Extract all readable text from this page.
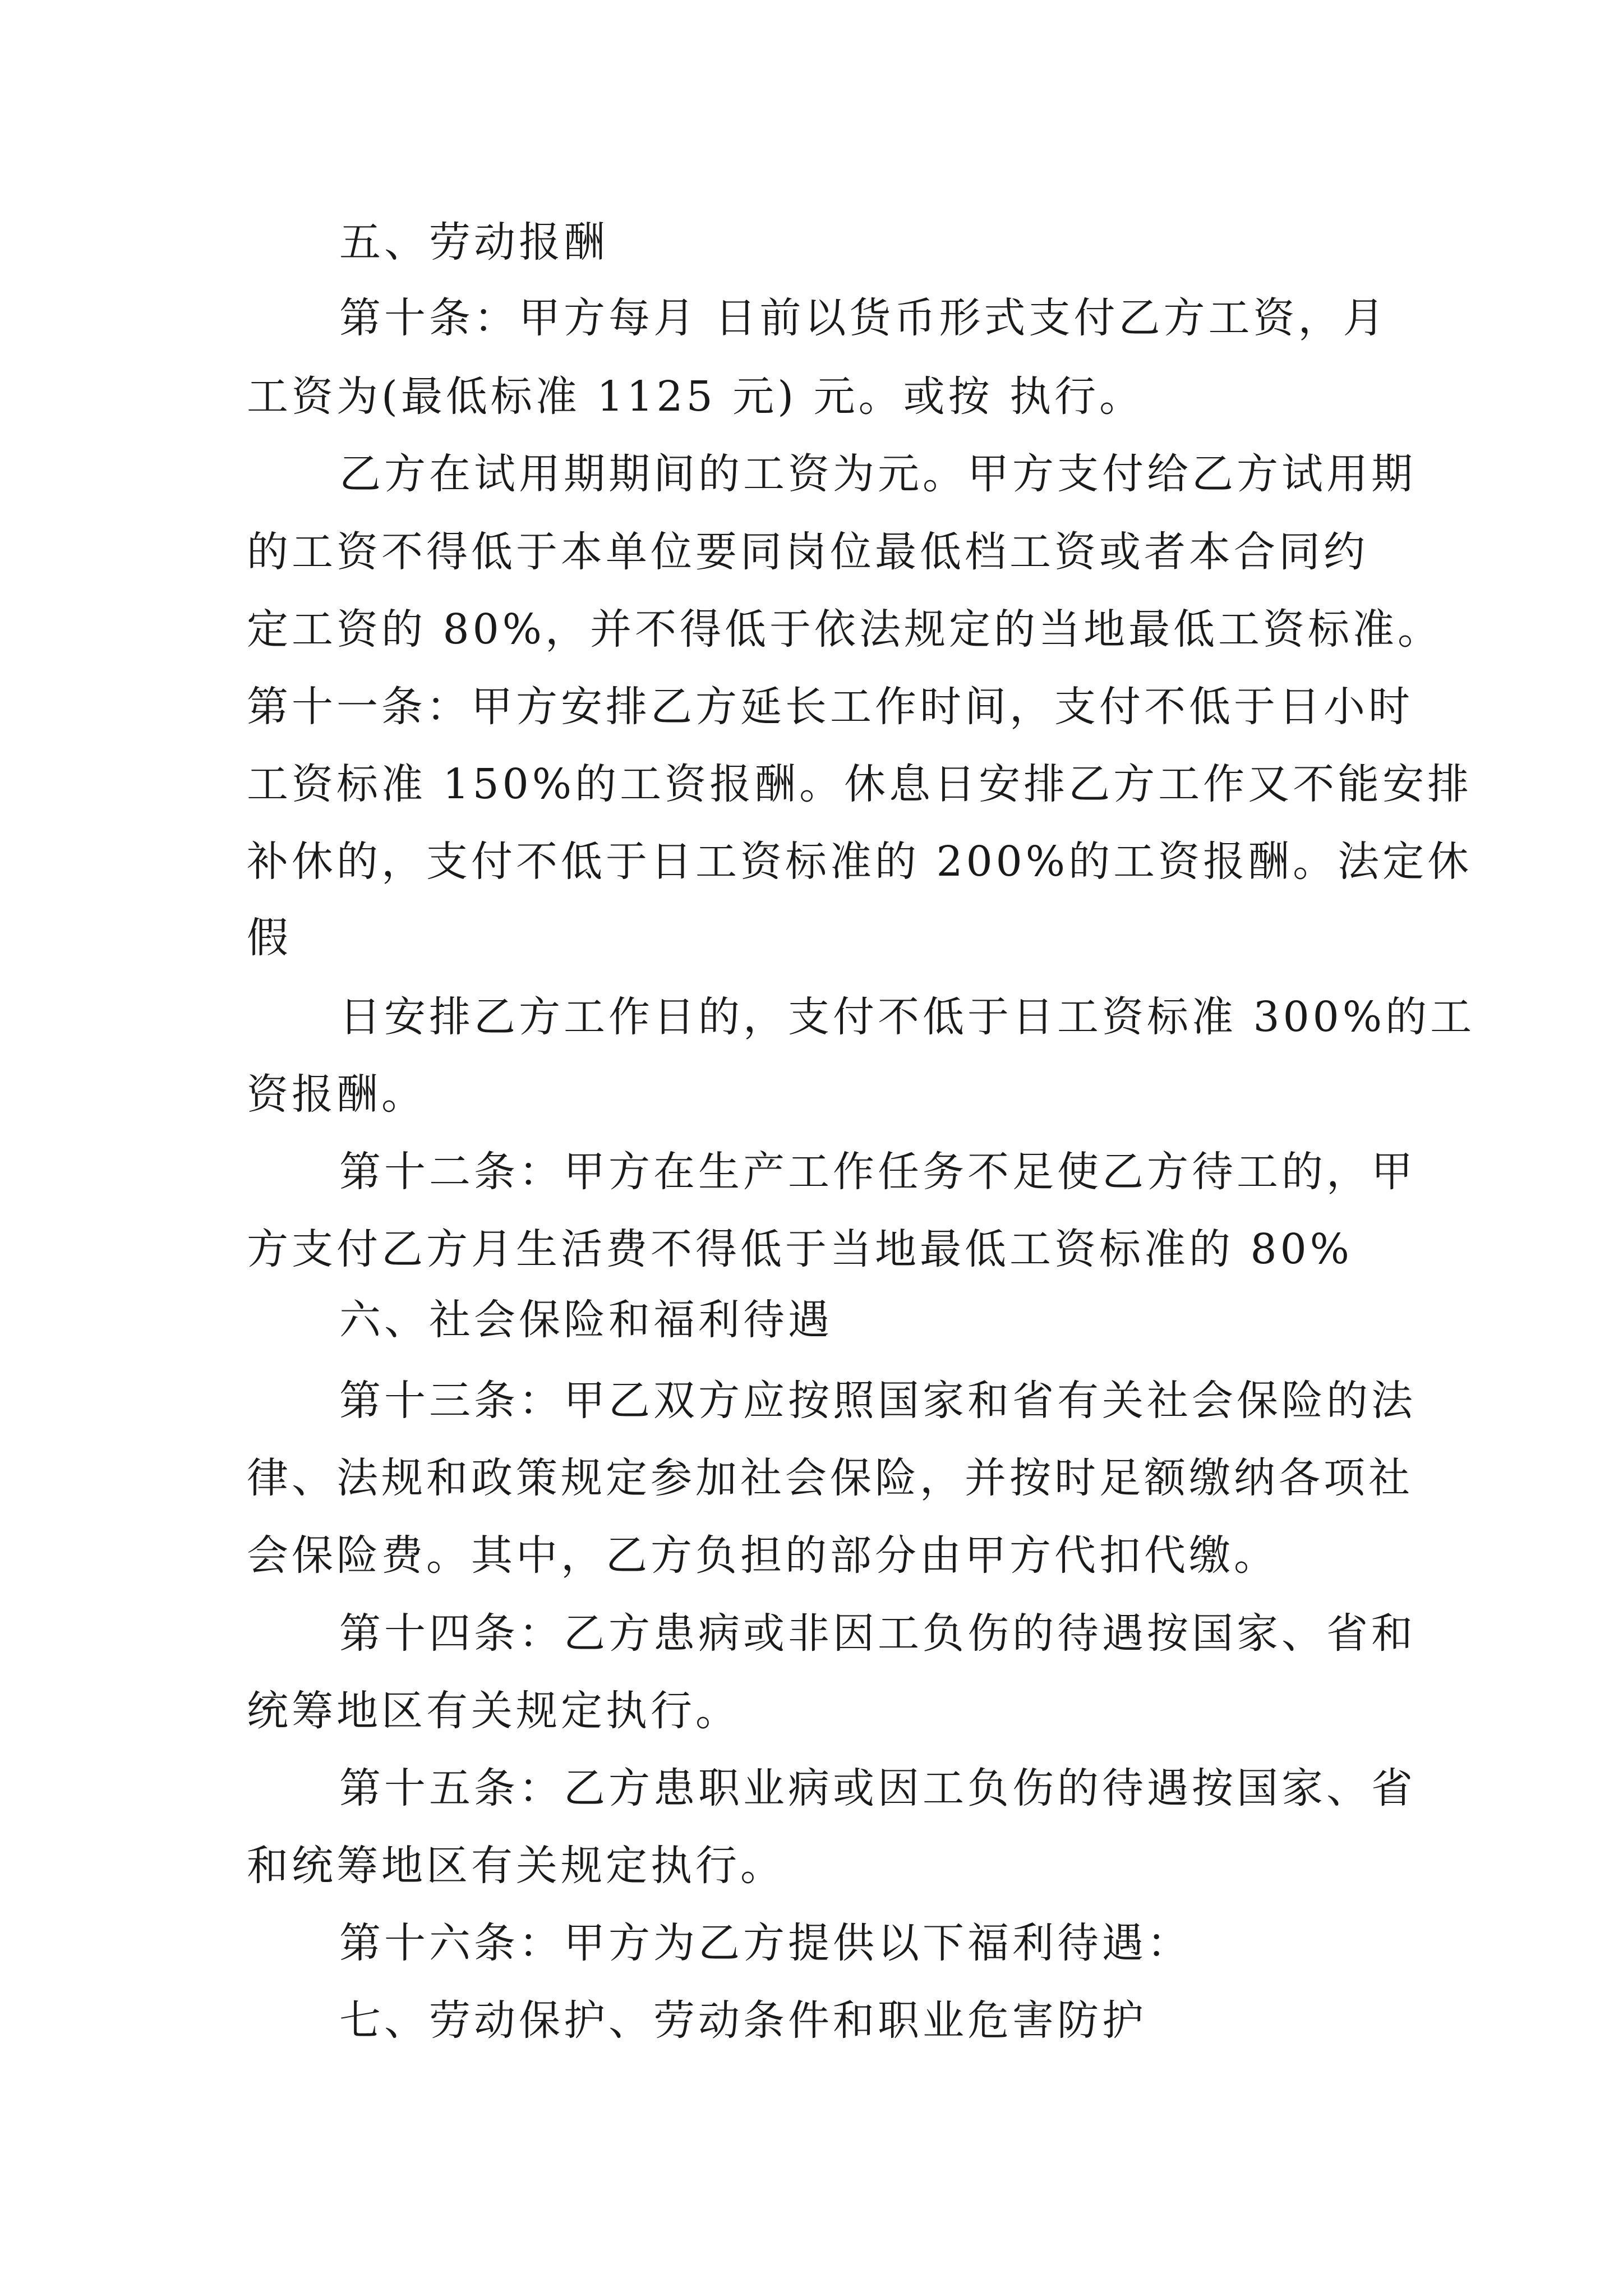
五、劳动报酬
第十条：甲方每月 日前以货币形式支付乙方工资，月
工资为(最低标准 1125 元) 元。或按 执行。
乙方在试用期期间的工资为元。甲方支付给乙方试用期
的工资不得低于本单位要同岗位最低档工资或者本合同约
定工资的 80%，并不得低于依法规定的当地最低工资标准。
第十一条：甲方安排乙方延长工作时间，支付不低于日小时
工资标准 150%的工资报酬。休息日安排乙方工作又不能安排
补休的，支付不低于日工资标准的 200%的工资报酬。法定休
假
日安排乙方工作日的，支付不低于日工资标准 300%的工
资报酬。
第十二条：甲方在生产工作任务不足使乙方待工的，甲
方支付乙方月生活费不得低于当地最低工资标准的 80%
六、社会保险和福利待遇
第十三条：甲乙双方应按照国家和省有关社会保险的法
律、法规和政策规定参加社会保险，并按时足额缴纳各项社
会保险费。其中，乙方负担的部分由甲方代扣代缴。
第十四条：乙方患病或非因工负伤的待遇按国家、省和
统筹地区有关规定执行。
第十五条：乙方患职业病或因工负伤的待遇按国家、省
和统筹地区有关规定执行。
第十六条：甲方为乙方提供以下福利待遇：
七、劳动保护、劳动条件和职业危害防护
